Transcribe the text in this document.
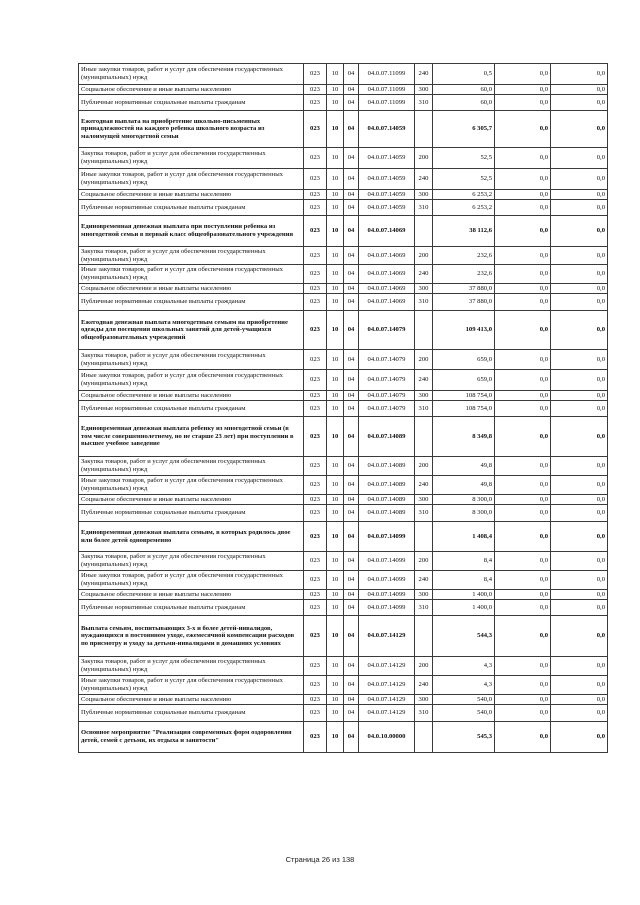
Иные закупки товаров, работ и услуг для обеспечения государственных (муниципальных) нужд	023	10	04	04.0.07.11099	240	0,5	0,0	0,0
Социальное обеспечение и иные выплаты населению	023	10	04	04.0.07.11099	300	60,0	0,0	0,0
Публичные нормативные социальные выплаты гражданам	023	10	04	04.0.07.11099	310	60,0	0,0	0,0
Ежегодная выплата на приобретение школьно-письменных принадлежностей на каждого ребенка школьного возраста из малоимущей многодетной семьи	023	10	04	04.0.07.14059		6 305,7	0,0	0,0
Закупка товаров, работ и услуг для обеспечения государственных (муниципальных) нужд	023	10	04	04.0.07.14059	200	52,5	0,0	0,0
Иные закупки товаров, работ и услуг для обеспечения государственных (муниципальных) нужд	023	10	04	04.0.07.14059	240	52,5	0,0	0,0
Социальное обеспечение и иные выплаты населению	023	10	04	04.0.07.14059	300	6 253,2	0,0	0,0
Публичные нормативные социальные выплаты гражданам	023	10	04	04.0.07.14059	310	6 253,2	0,0	0,0
Единовременная денежная выплата при поступлении ребенка из многодетной семьи в первый класс общеобразовательного учреждения	023	10	04	04.0.07.14069		38 112,6	0,0	0,0
Закупка товаров, работ и услуг для обеспечения государственных (муниципальных) нужд	023	10	04	04.0.07.14069	200	232,6	0,0	0,0
Иные закупки товаров, работ и услуг для обеспечения государственных (муниципальных) нужд	023	10	04	04.0.07.14069	240	232,6	0,0	0,0
Социальное обеспечение и иные выплаты населению	023	10	04	04.0.07.14069	300	37 880,0	0,0	0,0
Публичные нормативные социальные выплаты гражданам	023	10	04	04.0.07.14069	310	37 880,0	0,0	0,0
Ежегодная денежная выплата многодетным семьям на приобретение одежды для посещения школьных занятий для детей-учащихся общеобразовательных учреждений	023	10	04	04.0.07.14079		109 413,0	0,0	0,0
Закупка товаров, работ и услуг для обеспечения государственных (муниципальных) нужд	023	10	04	04.0.07.14079	200	659,0	0,0	0,0
Иные закупки товаров, работ и услуг для обеспечения государственных (муниципальных) нужд	023	10	04	04.0.07.14079	240	659,0	0,0	0,0
Социальное обеспечение и иные выплаты населению	023	10	04	04.0.07.14079	300	108 754,0	0,0	0,0
Публичные нормативные социальные выплаты гражданам	023	10	04	04.0.07.14079	310	108 754,0	0,0	0,0
Единовременная денежная выплата ребенку из многодетной семьи (в том числе совершеннолетнему, но не старше 23 лет) при поступлении в высшее учебное заведение	023	10	04	04.0.07.14089		8 349,8	0,0	0,0
Закупка товаров, работ и услуг для обеспечения государственных (муниципальных) нужд	023	10	04	04.0.07.14089	200	49,8	0,0	0,0
Иные закупки товаров, работ и услуг для обеспечения государственных (муниципальных) нужд	023	10	04	04.0.07.14089	240	49,8	0,0	0,0
Социальное обеспечение и иные выплаты населению	023	10	04	04.0.07.14089	300	8 300,0	0,0	0,0
Публичные нормативные социальные выплаты гражданам	023	10	04	04.0.07.14089	310	8 300,0	0,0	0,0
Единовременная денежная выплата семьям, в которых родилось двое или более детей одновременно	023	10	04	04.0.07.14099		1 408,4	0,0	0,0
Закупка товаров, работ и услуг для обеспечения государственных (муниципальных) нужд	023	10	04	04.0.07.14099	200	8,4	0,0	0,0
Иные закупки товаров, работ и услуг для обеспечения государственных (муниципальных) нужд	023	10	04	04.0.07.14099	240	8,4	0,0	0,0
Социальное обеспечение и иные выплаты населению	023	10	04	04.0.07.14099	300	1 400,0	0,0	0,0
Публичные нормативные социальные выплаты гражданам	023	10	04	04.0.07.14099	310	1 400,0	0,0	0,0
Выплата семьям, воспитывающих 3-х и более детей-инвалидов, нуждающихся в постоянном уходе, ежемесячной компенсации расходов по присмотру и уходу за детьми-инвалидами в домашних условиях	023	10	04	04.0.07.14129		544,3	0,0	0,0
Закупка товаров, работ и услуг для обеспечения государственных (муниципальных) нужд	023	10	04	04.0.07.14129	200	4,3	0,0	0,0
Иные закупки товаров, работ и услуг для обеспечения государственных (муниципальных) нужд	023	10	04	04.0.07.14129	240	4,3	0,0	0,0
Социальное обеспечение и иные выплаты населению	023	10	04	04.0.07.14129	300	540,0	0,0	0,0
Публичные нормативные социальные выплаты гражданам	023	10	04	04.0.07.14129	310	540,0	0,0	0,0
Основное мероприятие "Реализация современных форм оздоровления детей, семей с детьми, их отдыха и занятости"	023	10	04	04.0.10.00000		545,3	0,0	0,0
Страница 26 из 138
